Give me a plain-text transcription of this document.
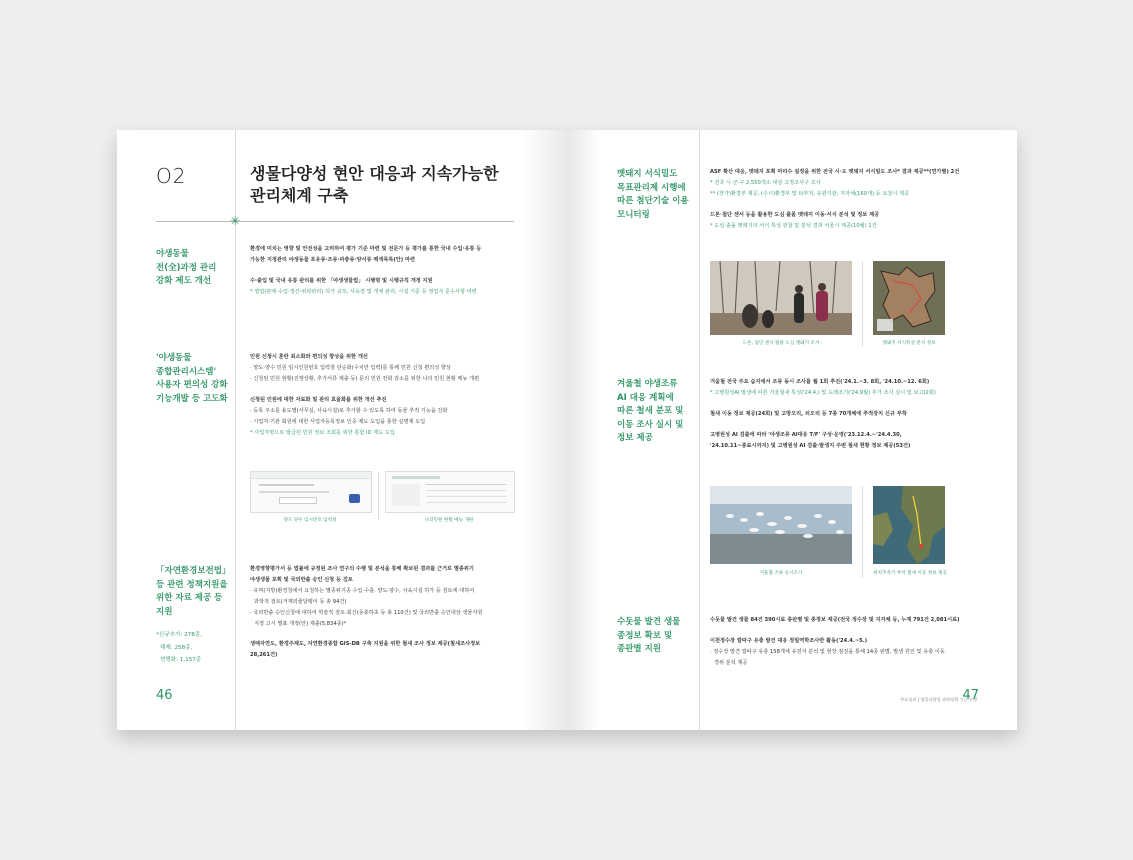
O2	생물다양성 현안 대응과 지속가능한
관리체계 구축
✳
야생동물
전(全)과정 관리
강화 제도 개선
환경에 미치는 영향 및 안전성을 고려하여 평가 기준 마련 및 전문가 등 평가를 통한 국내 수입·유통 등
가능한 지정관리 야생동물 포유류·조류·파충류·양서류 백색목록(안) 마련
수·출입 및 국내 유통 관리를 위한 「야생생물법」 시행령 및 시행규칙 개정 지원
* 영업(판매·수입·생산·위탁관리) 허가 규모, 사육장 및 개체 관리, 시설 기준 등 영업자 준수사항 마련
'야생동물
종합관리시스템'
사용자 편의성 강화
기능개발 등 고도화
민원 신청시 혼란 최소화와 편의성 향상을 위한 개선
· 양도·양수 민원 임시인원번호 입력창 단순화(수치만 입력)를 통해 민원 신청 편의성 향상
· 신청된 민원 현황(진행상황, 추가서류 제출 등) 문의 민원 전화 감소를 위한 나의 민원 현황 메뉴 개편
신청된 민원에 대한 자료화 및 관리 효율화를 위한 개선 추진
· 등록 주소를 용도별(사무실, 사육시설)로 추가할 수 있도록 하여 동물 추적 기능을 강화
· 시업자·기관 회원에 대한 사업자등록정보 인증 제도 도입을 통한 실명제 도입
* 사업자명으로 발급된 민원 정보 조회를 위한 통합 ID 제도 도입
양도 양수 임시번호 입력창	나의민원 현황 메뉴 개편
「자연환경보전법」
등 관련 정책지원을
위한 자료 제공 등
지원
*신규추가: 278종,
해제: 258종,
현행화: 1,157종
환경영향평가서 등 법률에 규정된 조사 연구의 수행 및 분석을 통해 확보된 결과를 근거로 멸종위기
야생생물 포획 및 국외반출 승인 신청 등 검토
· 유역(지방)환경청에서 요청하는 멸종위기종 수입·수출, 양도·양수, 사육시설 허가 등 검토에 대하여
과학적 검토(거제외줄달팽이 등 총 94건)
· 국외반출 승인신청에 대하여 학술적 검토·회신(동충하초 등 총 110건) 및 국외반출 승인대상 생물자원
지정 고시 별표 개정(안) 제출(5,834종)*
생태자연도, 환경주제도, 자연환경종합 GIS-DB 구축 지원을 위한 철새 조사 정보 제공(철새조사정보
28,261건)
46
멧돼지 서식밀도
목표관리제 시행에
따른 첨단기술 이용
모니터링
ASF 확산 대응, 멧돼지 포획 마리수 설정을 위한 전국 시·도 멧돼지 서식밀도 조사* 결과 제공**(연가별) 2건
* 전국 시·군·구 2,550개소 대상 고정조사구 조사
** (장가)환경부 제공, (수시)환경부 및 타부처, 유관기관, 지자체(160개) 등 요청시 제공
드론·첨단 센서 등을 활용한 도심 출몰 멧돼지 이동·서식 분석 및 정보 제공
* 도심 출몰 멧돼지의 서식 특성 관찰 및 분석 결과 서울시 제공(10월) 1건
드론, 첨단 센서 활용 도심 멧돼지 조사	멧돼지 서식특성 분석 정보
겨울철 야생조류
AI 대응 계획에
따른 철새 분포 및
이동 조사 실시 및
정보 제공
겨울철 전국 주요 습지에서 조류 동시 조사를 월 1회 추진('24.1.~3. 8회, '24.10.~12. 6회)
* 고병원성AI 발생에 따른 겨울철새 특성('24.4.) 및 도래조기('24.9월) 추가 조사 실시 및 보고(2회)
철새 이동 정보 제공(24회) 및 고방오리, 쇠오리 등 7종 70개체에 추적장치 신규 부착
고병원성 AI 검출에 따라 '야생조류 AI대응 T/F' 구성·운영('23.12.4.~'24.4.30,
'24.10.11~종료시까지) 및 고병원성 AI 검출·발생지 주변 철새 현황 정보 제공(53건)
겨울철 조류 동시조사	위치추적기 부착 철새 이동 정보 제공
수돗물 발견 생물
종정보 확보 및
종판별 지원
수돗물 발견 생물 84건 390시료 종판별 및 종정보 제공(전국 정수장 및 지자체 등, 누계 791건 2,081시료)
이천정수장 깔따구 유충 발견 대응 정밀역학조사반 활동('24.4.~5.)
· 정수장 발견 깔따구 유충 158개체 유전자 분석 및 현장 점검을 통해 14종 판별, 발생 원인 및 유충 이동
경위 분석 제공
주요성과 | 생물다양성 과학정책 기능 수행
47
